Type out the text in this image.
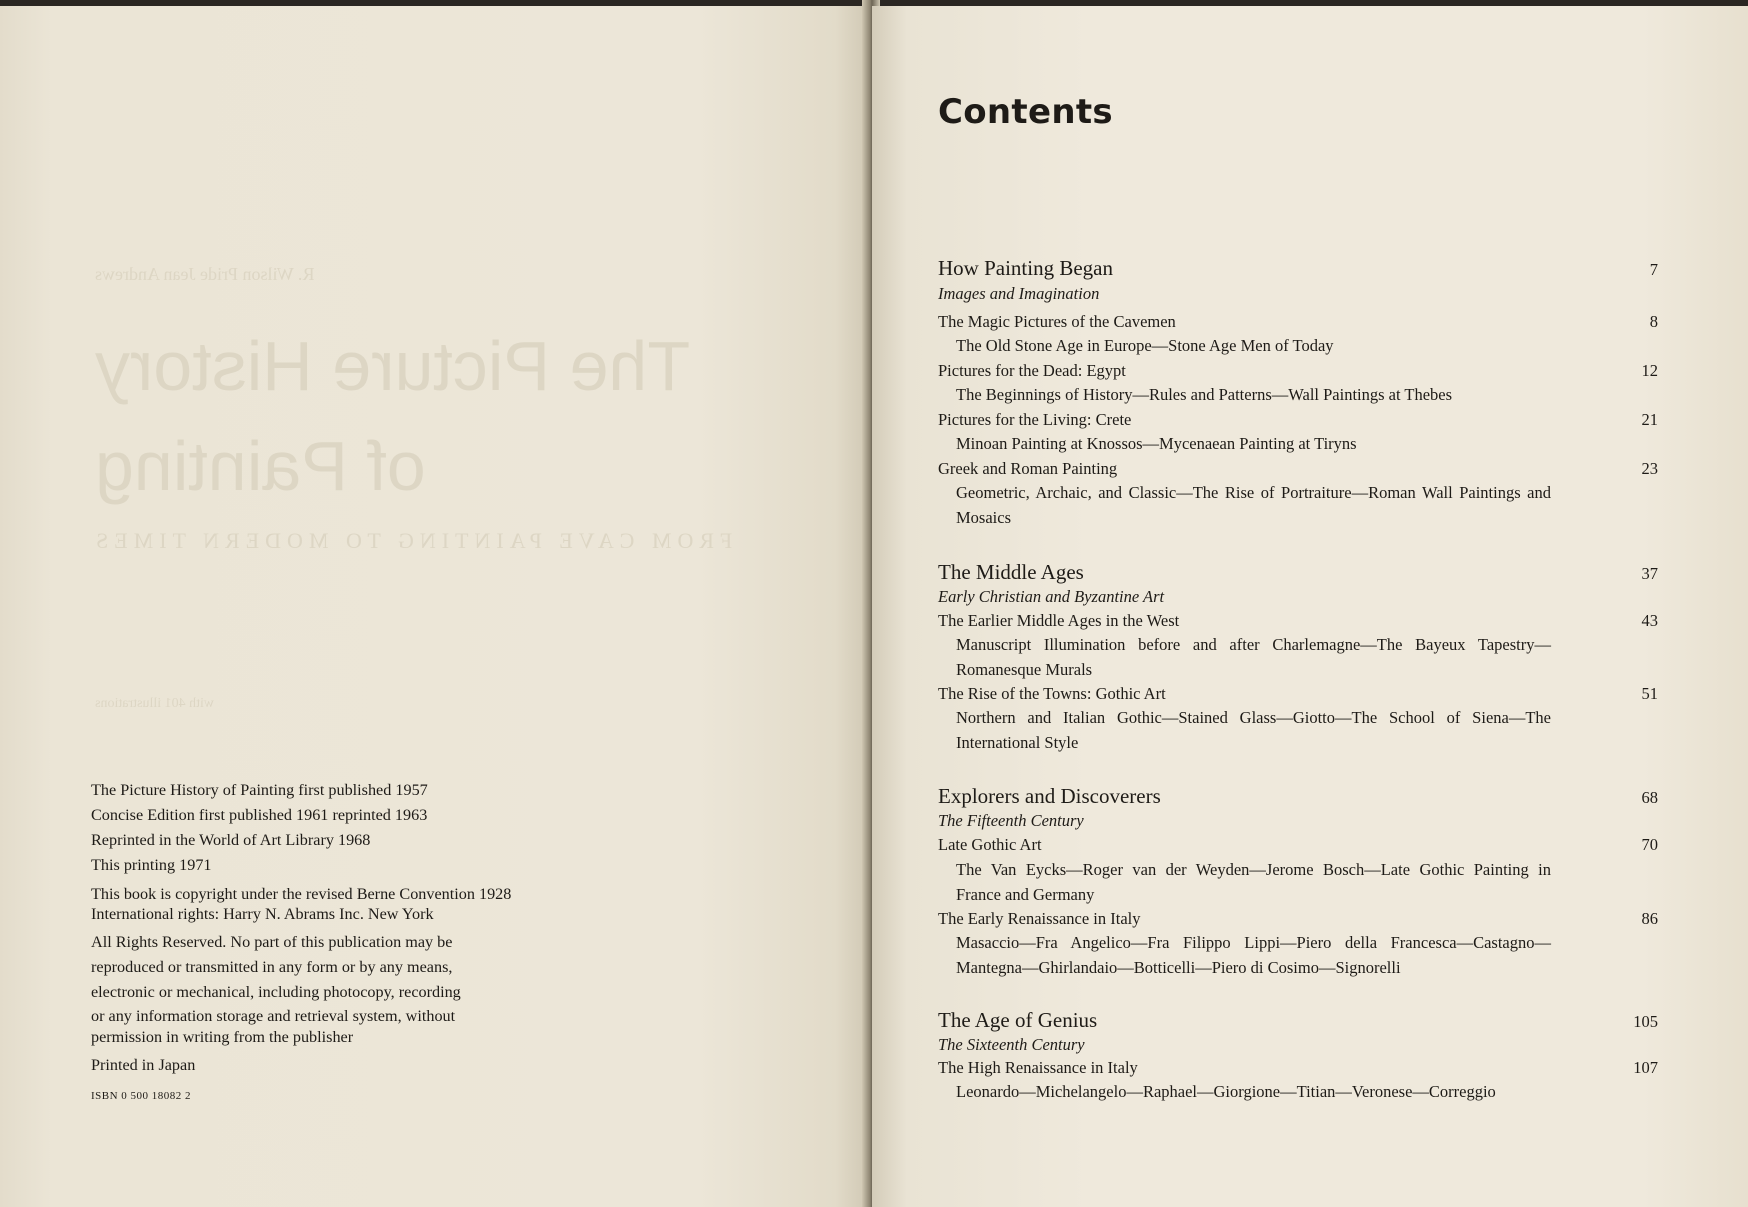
R. Wilson Pride Jean Andrews
The Picture History
of Painting
FROM CAVE PAINTING TO MODERN TIMES
with 401 illustrations

The Picture History of Painting first published 1957

Concise Edition first published 1961 reprinted 1963

Reprinted in the World of Art Library 1968

This printing 1971

This book is copyright under the revised Berne Convention 1928

International rights: Harry N. Abrams Inc. New York

All Rights Reserved. No part of this publication may be

reproduced or transmitted in any form or by any means,

electronic or mechanical, including photocopy, recording

or any information storage and retrieval system, without

permission in writing from the publisher

Printed in Japan

ISBN 0 500 18082 2

Contents
How Painting Began	7
Images and Imagination
The Magic Pictures of the Cavemen	8
The Old Stone Age in Europe—Stone Age Men of Today
Pictures for the Dead: Egypt	12
The Beginnings of History—Rules and Patterns—Wall Paintings at Thebes
Pictures for the Living: Crete	21
Minoan Painting at Knossos—Mycenaean Painting at Tiryns
Greek and Roman Painting	23
Geometric, Archaic, and Classic—The Rise of Portraiture—Roman Wall Paintings and Mosaics
The Middle Ages	37
Early Christian and Byzantine Art
The Earlier Middle Ages in the West	43
Manuscript Illumination before and after Charlemagne—The Bayeux Tapestry—Romanesque Murals
The Rise of the Towns: Gothic Art	51
Northern and Italian Gothic—Stained Glass—Giotto—The School of Siena—The International Style
Explorers and Discoverers	68
The Fifteenth Century
Late Gothic Art	70
The Van Eycks—Roger van der Weyden—Jerome Bosch—Late Gothic Painting in France and Germany
The Early Renaissance in Italy	86
Masaccio—Fra Angelico—Fra Filippo Lippi—Piero della Francesca—Castagno—Mantegna—Ghirlandaio—Botticelli—Piero di Cosimo—Signorelli
The Age of Genius	105
The Sixteenth Century
The High Renaissance in Italy	107
Leonardo—Michelangelo—Raphael—Giorgione—Titian—Veronese—Correggio
